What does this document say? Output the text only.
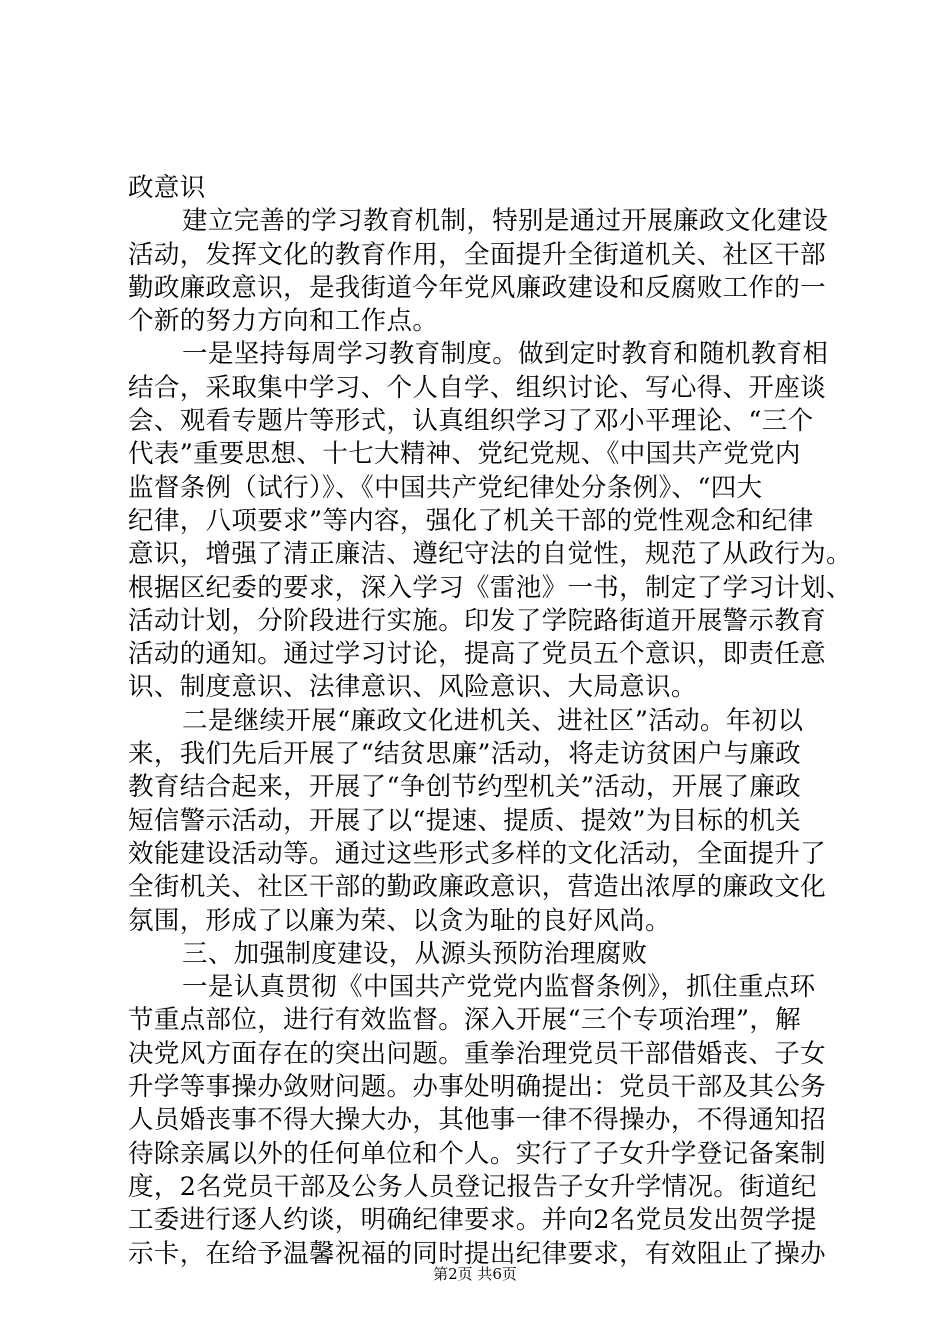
政意识
建立完善的学习教育机制，特别是通过开展廉政文化建设
活动，发挥文化的教育作用，全面提升全街道机关、社区干部
勤政廉政意识，是我街道今年党风廉政建设和反腐败工作的一
个新的努力方向和工作点。
一是坚持每周学习教育制度。做到定时教育和随机教育相
结合，采取集中学习、个人自学、组织讨论、写心得、开座谈
会、观看专题片等形式，认真组织学习了邓小平理论、“三个
代表”重要思想、十七大精神、党纪党规、《中国共产党党内
监督条例（试行）》、《中国共产党纪律处分条例》、“四大
纪律，八项要求”等内容，强化了机关干部的党性观念和纪律
意识，增强了清正廉洁、遵纪守法的自觉性，规范了从政行为。
根据区纪委的要求，深入学习《雷池》一书，制定了学习计划、
活动计划，分阶段进行实施。印发了学院路街道开展警示教育
活动的通知。通过学习讨论，提高了党员五个意识，即责任意
识、制度意识、法律意识、风险意识、大局意识。
二是继续开展“廉政文化进机关、进社区”活动。年初以
来，我们先后开展了“结贫思廉”活动，将走访贫困户与廉政
教育结合起来，开展了“争创节约型机关”活动，开展了廉政
短信警示活动，开展了以“提速、提质、提效”为目标的机关
效能建设活动等。通过这些形式多样的文化活动，全面提升了
全街机关、社区干部的勤政廉政意识，营造出浓厚的廉政文化
氛围，形成了以廉为荣、以贪为耻的良好风尚。
三、加强制度建设，从源头预防治理腐败
一是认真贯彻《中国共产党党内监督条例》，抓住重点环
节重点部位，进行有效监督。深入开展“三个专项治理”，解
决党风方面存在的突出问题。重拳治理党员干部借婚丧、子女
升学等事操办敛财问题。办事处明确提出：党员干部及其公务
人员婚丧事不得大操大办，其他事一律不得操办，不得通知招
待除亲属以外的任何单位和个人。实行了子女升学登记备案制
度，2名党员干部及公务人员登记报告子女升学情况。街道纪
工委进行逐人约谈，明确纪律要求。并向2名党员发出贺学提
示卡，在给予温馨祝福的同时提出纪律要求，有效阻止了操办
第2页 共6页
